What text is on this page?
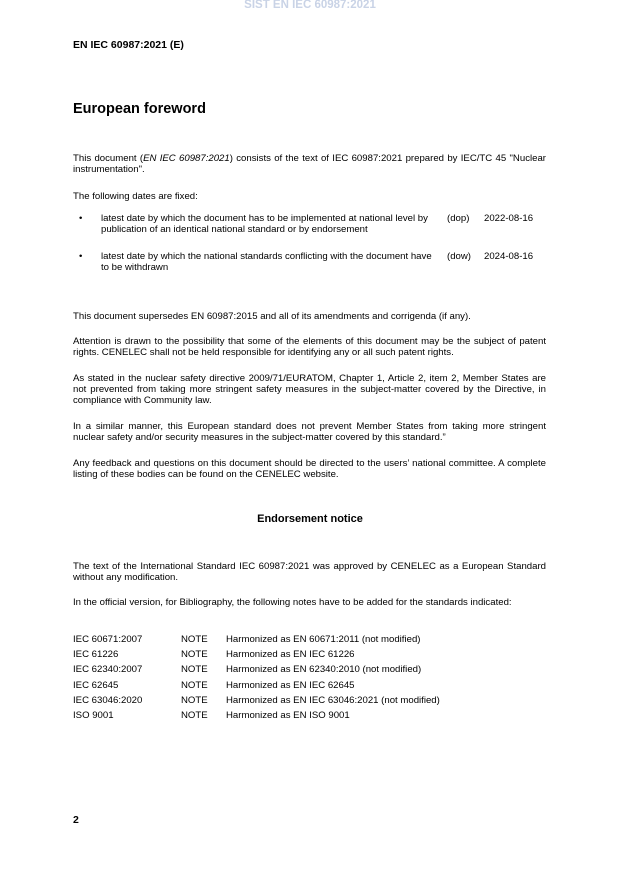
SIST EN IEC 60987:2021
EN IEC 60987:2021 (E)
European foreword

This document (EN IEC 60987:2021) consists of the text of IEC 60987:2021 prepared by IEC/TC 45 "Nuclear instrumentation".

The following dates are fixed:

• latest date by which the document has to be implemented at national level by publication of an identical national standard or by endorsement
(dop) 2022-08-16
• latest date by which the national standards conflicting with the document have to be withdrawn
(dow) 2024-08-16

This document supersedes EN 60987:2015 and all of its amendments and corrigenda (if any).

Attention is drawn to the possibility that some of the elements of this document may be the subject of patent rights. CENELEC shall not be held responsible for identifying any or all such patent rights.

As stated in the nuclear safety directive 2009/71/EURATOM, Chapter 1, Article 2, item 2, Member States are not prevented from taking more stringent safety measures in the subject-matter covered by the Directive, in compliance with Community law.

In a similar manner, this European standard does not prevent Member States from taking more stringent nuclear safety and/or security measures in the subject-matter covered by this standard.”

Any feedback and questions on this document should be directed to the users’ national committee. A complete listing of these bodies can be found on the CENELEC website.

Endorsement notice

The text of the International Standard IEC 60987:2021 was approved by CENELEC as a European Standard without any modification.

In the official version, for Bibliography, the following notes have to be added for the standards indicated:

IEC 60671:2007	NOTE Harmonized as EN 60671:2011 (not modified)
IEC 61226	NOTE Harmonized as EN IEC 61226
IEC 62340:2007	NOTE Harmonized as EN 62340:2010 (not modified)
IEC 62645	NOTE Harmonized as EN IEC 62645
IEC 63046:2020	NOTE Harmonized as EN IEC 63046:2021 (not modified)
ISO 9001	NOTE Harmonized as EN ISO 9001
2
